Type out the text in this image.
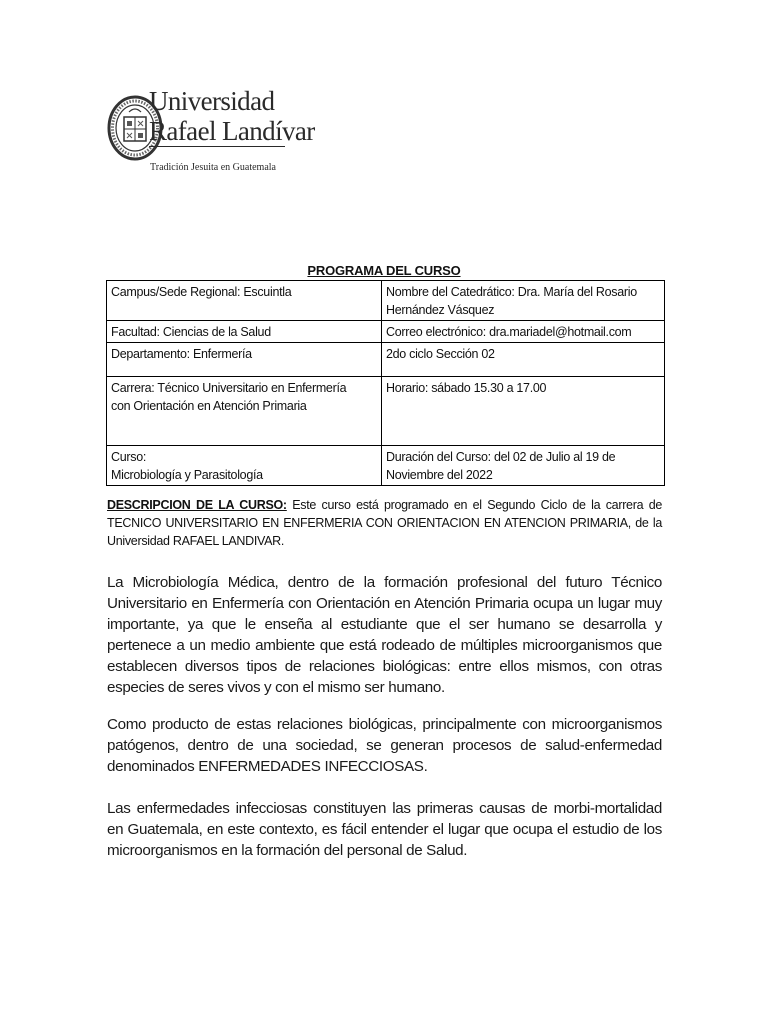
Universidad
Rafael Landívar
Tradición Jesuita en Guatemala
PROGRAMA DEL CURSO
Campus/Sede Regional: Escuintla	Nombre del Catedrático: Dra. María del Rosario
Hernández Vásquez

Facultad: Ciencias de la Salud	Correo electrónico: dra.mariadel@hotmail.com

Departamento: Enfermería	2do ciclo Sección 02

Carrera: Técnico Universitario en Enfermería
con Orientación en Atención Primaria	Horario: sábado 15.30 a 17.00

Curso:
Microbiología y Parasitología	Duración del Curso: del 02 de Julio al 19 de
Noviembre del 2022
DESCRIPCION DE LA CURSO: Este curso está programado en el Segundo Ciclo de la carrera de TECNICO UNIVERSITARIO EN ENFERMERIA CON ORIENTACION EN ATENCION PRIMARIA, de la Universidad RAFAEL LANDIVAR.

La Microbiología Médica, dentro de la formación profesional del futuro Técnico Universitario en Enfermería con Orientación en Atención Primaria ocupa un lugar muy importante, ya que le enseña al estudiante que el ser humano se desarrolla y pertenece a un medio ambiente que está rodeado de múltiples microorganismos que establecen diversos tipos de relaciones biológicas: entre ellos mismos, con otras especies de seres vivos y con el mismo ser humano.

Como producto de estas relaciones biológicas, principalmente con microorganismos patógenos, dentro de una sociedad, se generan procesos de salud-enfermedad denominados ENFERMEDADES INFECCIOSAS.

Las enfermedades infecciosas constituyen las primeras causas de morbi-mortalidad en Guatemala, en este contexto, es fácil entender el lugar que ocupa el estudio de los microorganismos en la formación del personal de Salud.
